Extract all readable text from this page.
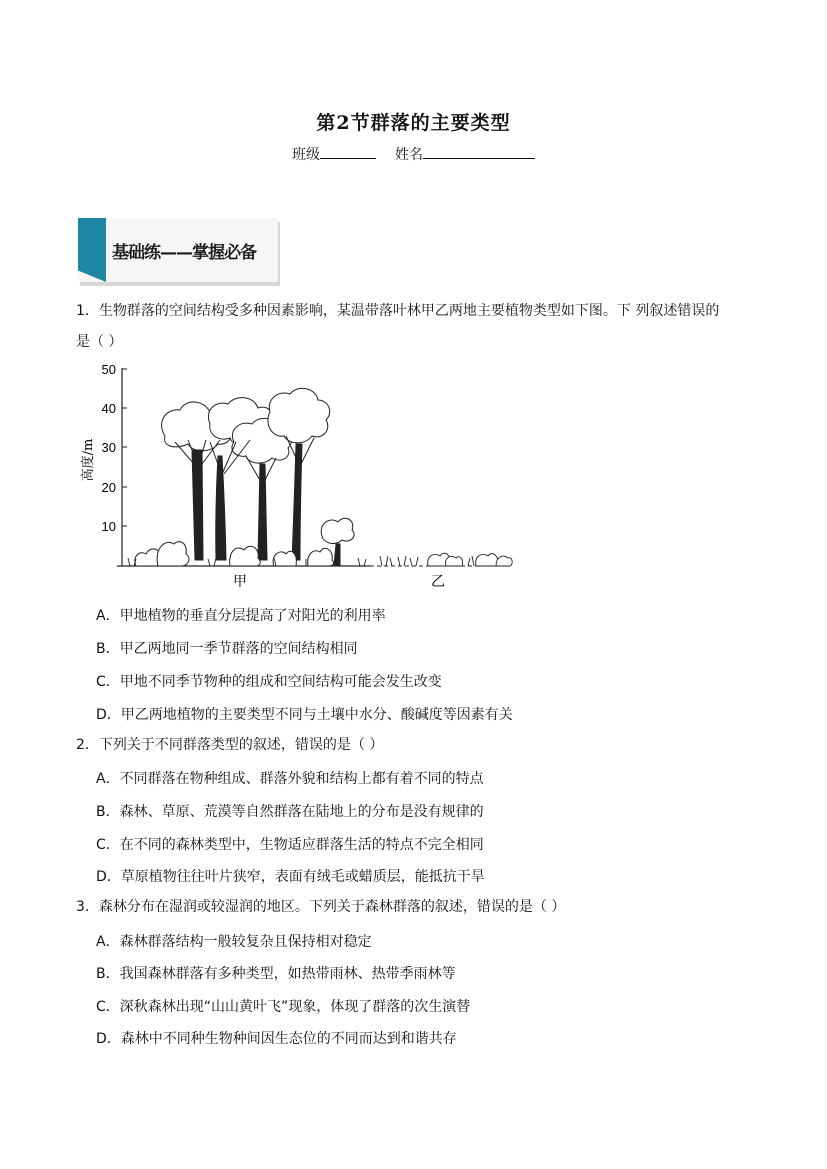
第2节群落的主要类型
班级	姓名
基础练——掌握必备
1．生物群落的空间结构受多种因素影响，某温带落叶林甲乙两地主要植物类型如下图。下 列叙述错误的
是（ ）
50
40
30
20
10
高度/m
甲	乙
A．甲地植物的垂直分层提高了对阳光的利用率
B．甲乙两地同一季节群落的空间结构相同
C．甲地不同季节物种的组成和空间结构可能会发生改变
D．甲乙两地植物的主要类型不同与土壤中水分、酸碱度等因素有关
2．下列关于不同群落类型的叙述，错误的是（ ）
A．不同群落在物种组成、群落外貌和结构上都有着不同的特点
B．森林、草原、荒漠等自然群落在陆地上的分布是没有规律的
C．在不同的森林类型中，生物适应群落生活的特点不完全相同
D．草原植物往往叶片狭窄，表面有绒毛或蜡质层，能抵抗干旱
3．森林分布在湿润或较湿润的地区。下列关于森林群落的叙述，错误的是（ ）
A．森林群落结构一般较复杂且保持相对稳定
B．我国森林群落有多种类型，如热带雨林、热带季雨林等
C．深秋森林出现“山山黄叶飞”现象，体现了群落的次生演替
D．森林中不同种生物种间因生态位的不同而达到和谐共存
